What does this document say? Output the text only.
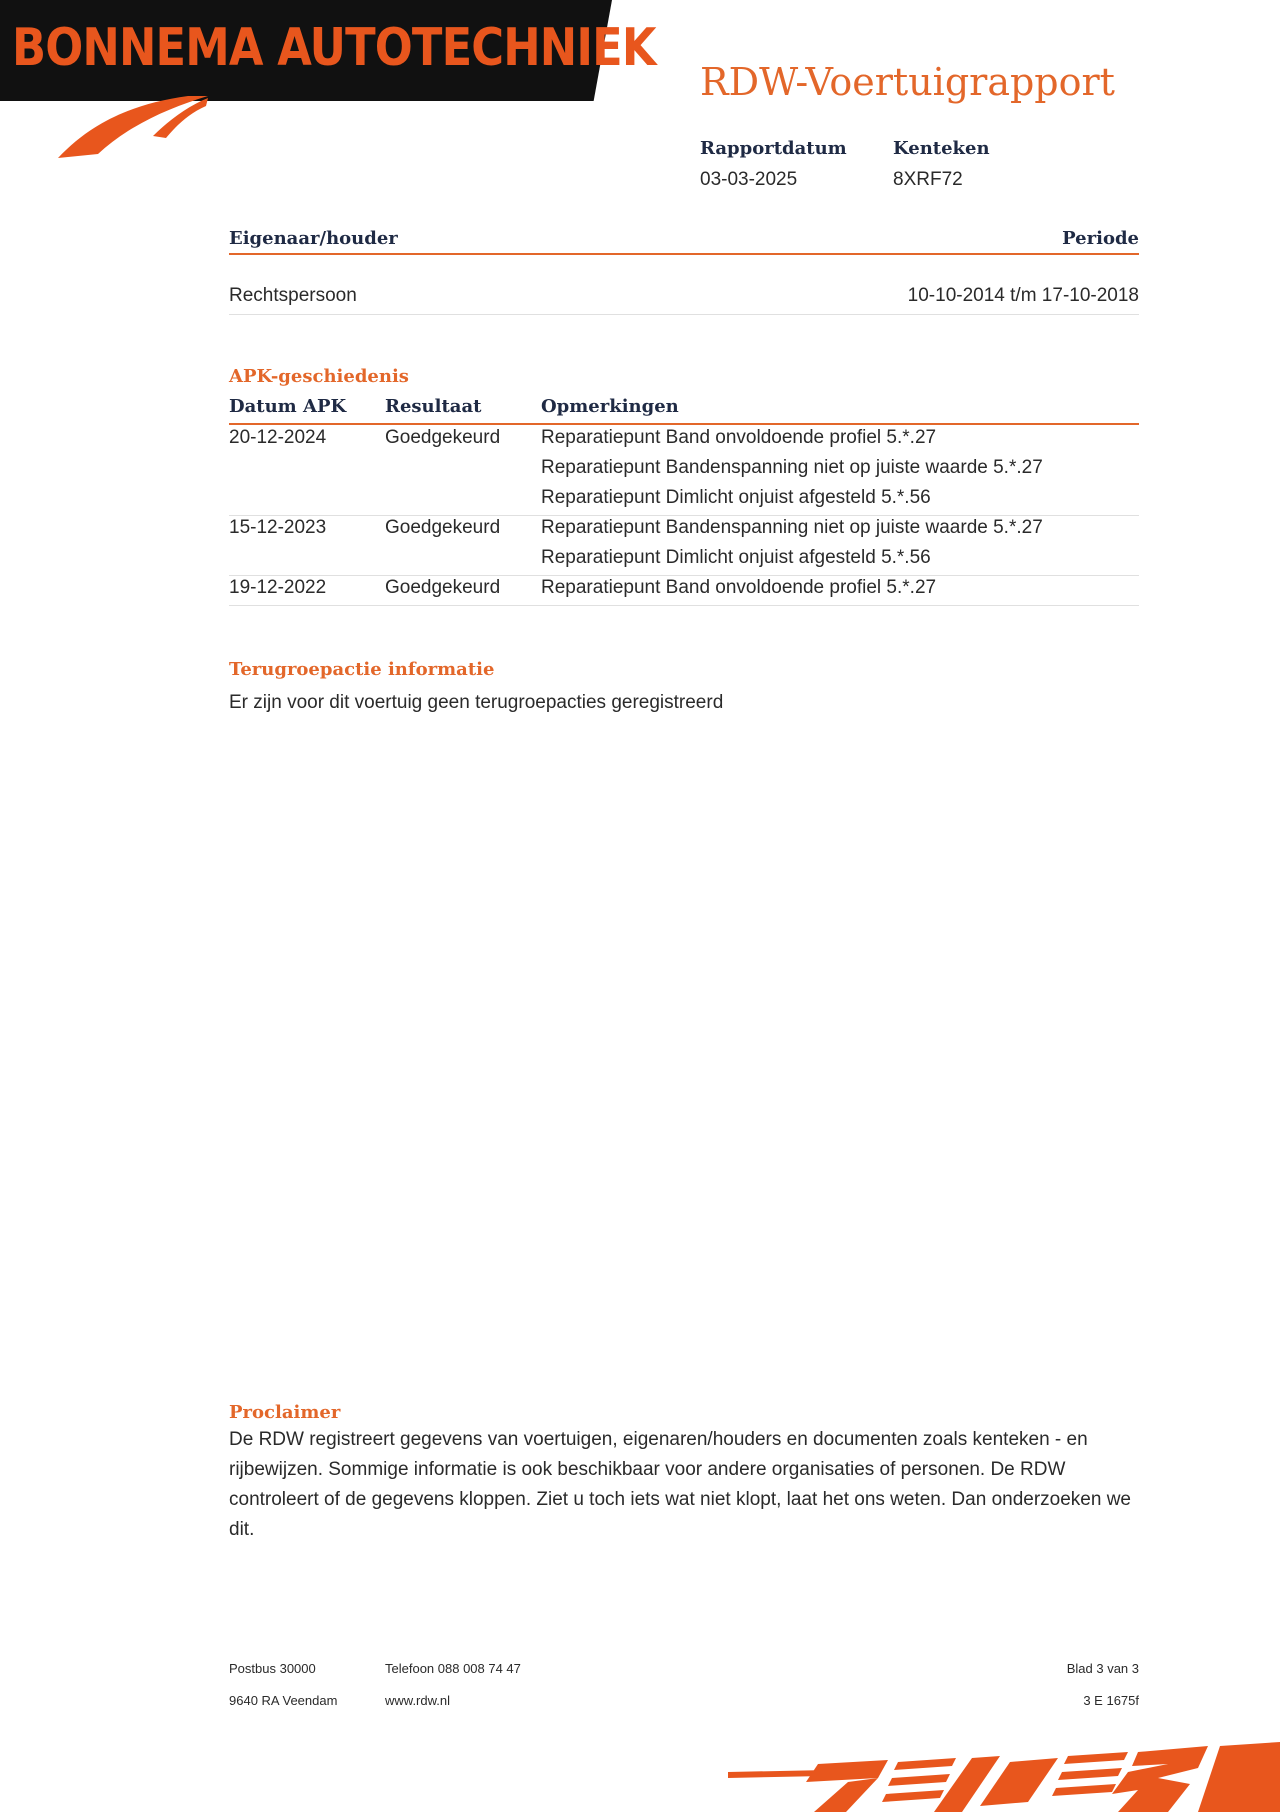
BONNEMA AUTOTECHNIEK
RDW-Voertuigrapport
Rapportdatum
03-03-2025
Kenteken
8XRF72
Eigenaar/houder	Periode
Rechtspersoon	10-10-2014 t/m 17-10-2018
APK-geschiedenis
Datum APK Resultaat	Opmerkingen
20-12-2024	Goedgekeurd Reparatiepunt Band onvoldoende profiel 5.*.27
Reparatiepunt Bandenspanning niet op juiste waarde 5.*.27
Reparatiepunt Dimlicht onjuist afgesteld 5.*.56
15-12-2023	Goedgekeurd Reparatiepunt Bandenspanning niet op juiste waarde 5.*.27
Reparatiepunt Dimlicht onjuist afgesteld 5.*.56
19-12-2022	Goedgekeurd Reparatiepunt Band onvoldoende profiel 5.*.27
Terugroepactie informatie
Er zijn voor dit voertuig geen terugroepacties geregistreerd
Proclaimer
De RDW registreert gegevens van voertuigen, eigenaren/houders en documenten zoals kenteken - en rijbewijzen. Sommige informatie is ook beschikbaar voor andere organisaties of personen. De RDW controleert of de gegevens kloppen. Ziet u toch iets wat niet klopt, laat het ons weten. Dan onderzoeken we dit.
Postbus 30000
9640 RA Veendam
Telefoon 088 008 74 47
www.rdw.nl
Blad 3 van 3
3 E 1675f
